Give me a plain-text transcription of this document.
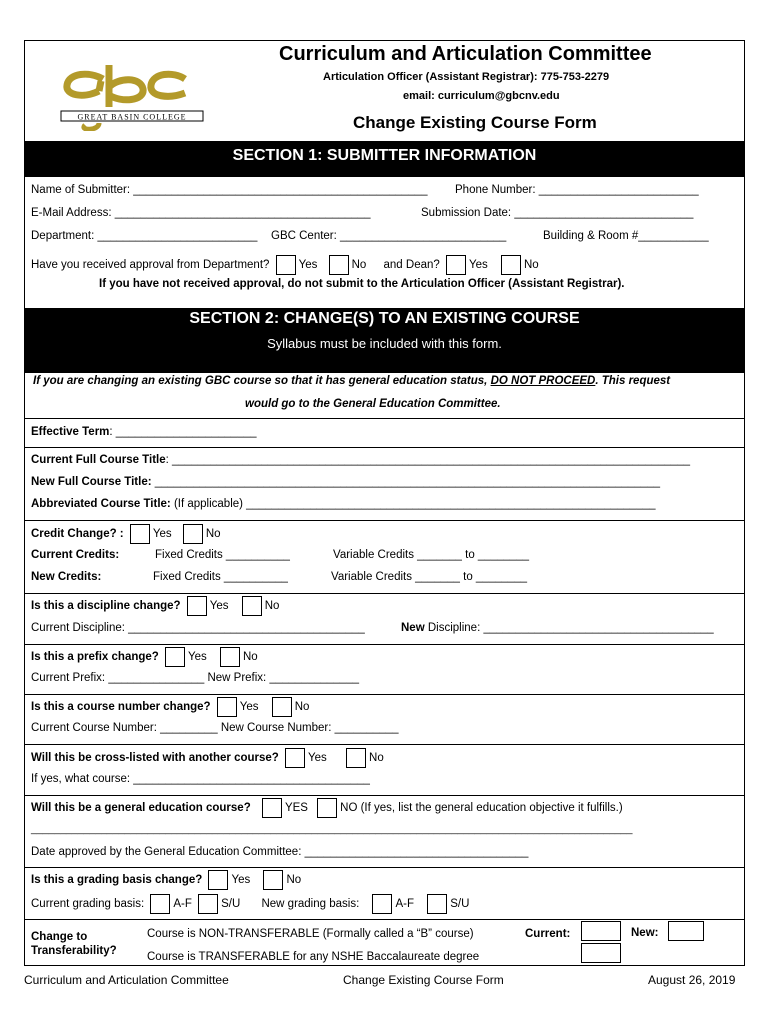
GREAT BASIN COLLEGE
Curriculum and Articulation Committee
Articulation Officer (Assistant Registrar): 775-753-2279
email: curriculum@gbcnv.edu
Change Existing Course Form
SECTION 1: SUBMITTER INFORMATION
Name of Submitter: ______________________________________________ Phone Number: _________________________
E-Mail Address: ________________________________________	Submission Date: ____________________________
Department: _________________________ GBC Center: __________________________	Building & Room #___________
Have you received approval from Department?	Yes	No and Dean?	Yes	No
If you have not received approval, do not submit to the Articulation Officer (Assistant Registrar).
SECTION 2: CHANGE(S) TO AN EXISTING COURSE
Syllabus must be included with this form.
If you are changing an existing GBC course so that it has general education status, DO NOT PROCEED. This request
would go to the General Education Committee.
Effective Term: ______________________
Current Full Course Title: _________________________________________________________________________________
New Full Course Title: _______________________________________________________________________________
Abbreviated Course Title: (If applicable) ________________________________________________________________
Credit Change? :	Yes	No
Current Credits:	Fixed Credits __________	Variable Credits _______ to ________
New Credits:	Fixed Credits __________	Variable Credits _______ to ________
Is this a discipline change?	Yes	No
Current Discipline: _____________________________________	New Discipline: ____________________________________
Is this a prefix change?	Yes	No
Current Prefix: _______________ New Prefix: ______________
Is this a course number change?	Yes	No
Current Course Number: _________ New Course Number: __________
Will this be cross-listed with another course?	Yes	No
If yes, what course: _____________________________________
Will this be a general education course?	YES	NO (If yes, list the general education objective it fulfills.)
_______________________________________________________________________________________________________
Date approved by the General Education Committee: ___________________________________
Is this a grading basis change?	Yes	No
Current grading basis:	A-F	S/U New grading basis:	A-F	S/U
Change to
Transferability?
Course is NON-TRANSFERABLE (Formally called a “B” course)
Course is TRANSFERABLE for any NSHE Baccalaureate degree
Current:	New:
Curriculum and Articulation Committee	Change Existing Course Form	August 26, 2019
